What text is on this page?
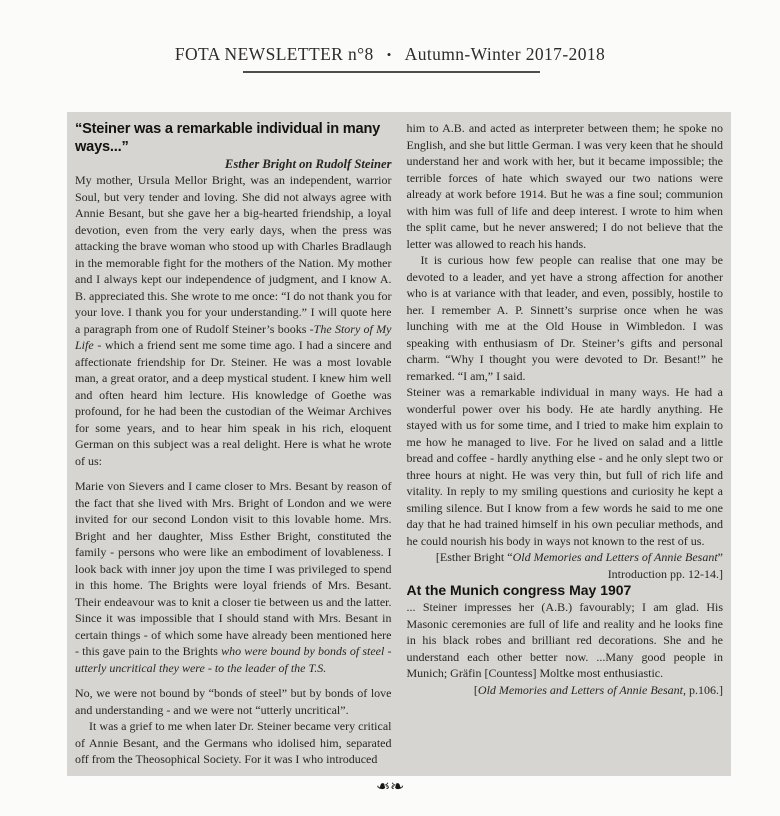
FOTA NEWSLETTER n°8 • Autumn-Winter 2017-2018

“Steiner was a remarkable individual in many ways...”

Esther Bright on Rudolf Steiner

My mother, Ursula Mellor Bright, was an independent, warrior Soul, but very tender and loving. She did not always agree with Annie Besant, but she gave her a big-hearted friendship, a loyal devotion, even from the very early days, when the press was attacking the brave woman who stood up with Charles Bradlaugh in the memorable fight for the mothers of the Nation. My mother and I always kept our independence of judgment, and I know A. B. appreciated this. She wrote to me once: “I do not thank you for your love. I thank you for your understanding.” I will quote here a paragraph from one of Rudolf Steiner’s books -The Story of My Life - which a friend sent me some time ago. I had a sincere and affectionate friendship for Dr. Steiner. He was a most lovable man, a great orator, and a deep mystical student. I knew him well and often heard him lecture. His knowledge of Goethe was profound, for he had been the custodian of the Weimar Archives for some years, and to hear him speak in his rich, eloquent German on this subject was a real delight. Here is what he wrote of us:

Marie von Sievers and I came closer to Mrs. Besant by reason of the fact that she lived with Mrs. Bright of London and we were invited for our second London visit to this lovable home. Mrs. Bright and her daughter, Miss Esther Bright, constituted the family - persons who were like an embodiment of lovableness. I look back with inner joy upon the time I was privileged to spend in this home. The Brights were loyal friends of Mrs. Besant. Their endeavour was to knit a closer tie between us and the latter. Since it was impossible that I should stand with Mrs. Besant in certain things - of which some have already been mentioned here - this gave pain to the Brights who were bound by bonds of steel - utterly uncritical they were - to the leader of the T.S.

No, we were not bound by “bonds of steel” but by bonds of love and understanding - and we were not “utterly uncritical”.

It was a grief to me when later Dr. Steiner became very critical of Annie Besant, and the Germans who idolised him, separated off from the Theosophical Society. For it was I who introduced

him to A.B. and acted as interpreter between them; he spoke no English, and she but little German. I was very keen that he should understand her and work with her, but it became impossible; the terrible forces of hate which swayed our two nations were already at work before 1914. But he was a fine soul; communion with him was full of life and deep interest. I wrote to him when the split came, but he never answered; I do not believe that the letter was allowed to reach his hands.

It is curious how few people can realise that one may be devoted to a leader, and yet have a strong affection for another who is at variance with that leader, and even, possibly, hostile to her. I remember A. P. Sinnett’s surprise once when he was lunching with me at the Old House in Wimbledon. I was speaking with enthusiasm of Dr. Steiner’s gifts and personal charm. “Why I thought you were devoted to Dr. Besant!” he remarked. “I am,” I said.

Steiner was a remarkable individual in many ways. He had a wonderful power over his body. He ate hardly anything. He stayed with us for some time, and I tried to make him explain to me how he managed to live. For he lived on salad and a little bread and coffee - hardly anything else - and he only slept two or three hours at night. He was very thin, but full of rich life and vitality. In reply to my smiling questions and curiosity he kept a smiling silence. But I know from a few words he said to me one day that he had trained himself in his own peculiar methods, and he could nourish his body in ways not known to the rest of us.

[Esther Bright “Old Memories and Letters of Annie Besant”

Introduction pp. 12-14.]

At the Munich congress May 1907

... Steiner impresses her (A.B.) favourably; I am glad. His Masonic ceremonies are full of life and reality and he looks fine in his black robes and brilliant red decorations. She and he understand each other better now. ...Many good people in Munich; Gräfin [Countess] Moltke most enthusiastic.

[Old Memories and Letters of Annie Besant, p.106.]

❧❧
